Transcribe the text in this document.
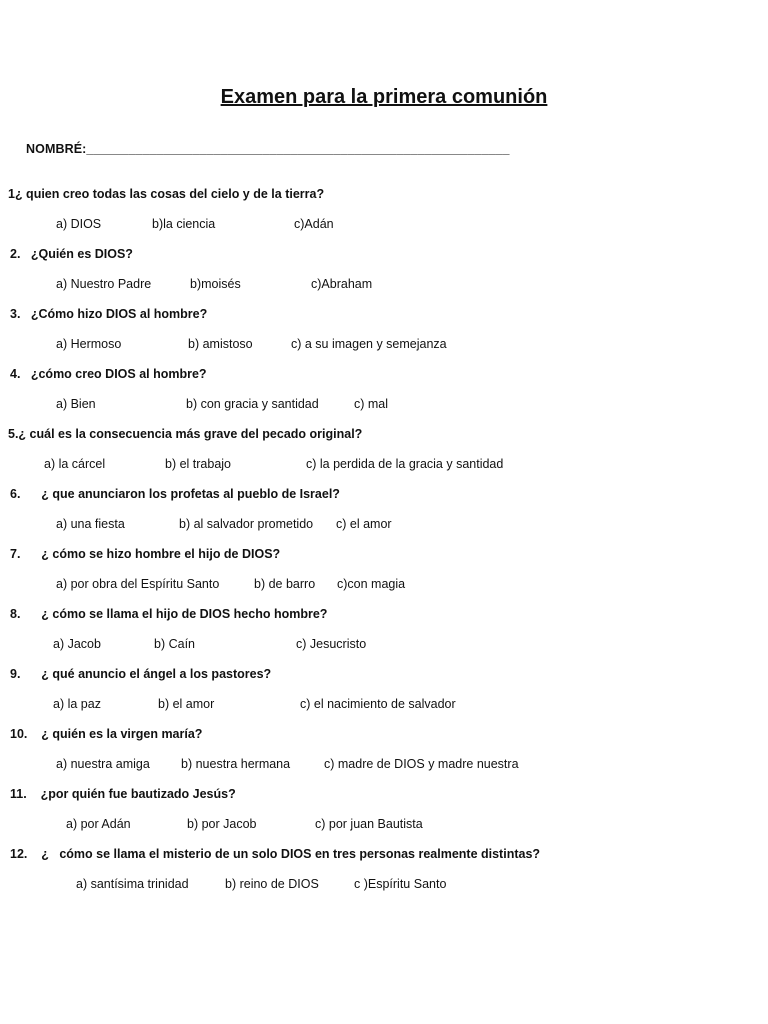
Examen para la primera comunión
NOMBRÉ:____________________________________________________________
1¿ quien creo todas las cosas del cielo y de la tierra?
a) DIOS	b)la ciencia	c)Adán
2.   ¿Quién es DIOS?
a) Nuestro Padre	b)moisés	c)Abraham
3.   ¿Cómo hizo DIOS al hombre?
a) Hermoso	b) amistoso	c) a su imagen y semejanza
4.   ¿cómo creo DIOS al hombre?
a) Bien	b) con gracia y santidad	c) mal
5.¿ cuál es la consecuencia más grave del pecado original?
a) la cárcel	b) el trabajo	c) la perdida de la gracia y santidad
6.      ¿ que anunciaron los profetas al pueblo de Israel?
a) una fiesta	b) al salvador prometido c) el amor
7.      ¿ cómo se hizo hombre el hijo de DIOS?
a) por obra del Espíritu Santo	b) de barro c)con magia
8.      ¿ cómo se llama el hijo de DIOS hecho hombre?
a) Jacob	b) Caín	c) Jesucristo
9.      ¿ qué anuncio el ángel a los pastores?
a) la paz	b) el amor	c) el nacimiento de salvador
10.    ¿ quién es la virgen maría?
a) nuestra amiga b) nuestra hermana	c) madre de DIOS y madre nuestra
11.    ¿por quién fue bautizado Jesús?
a) por Adán	b) por Jacob	c) por juan Bautista
12.    ¿   cómo se llama el misterio de un solo DIOS en tres personas realmente distintas?
a) santísima trinidad	b) reino de DIOS	c )Espíritu Santo
